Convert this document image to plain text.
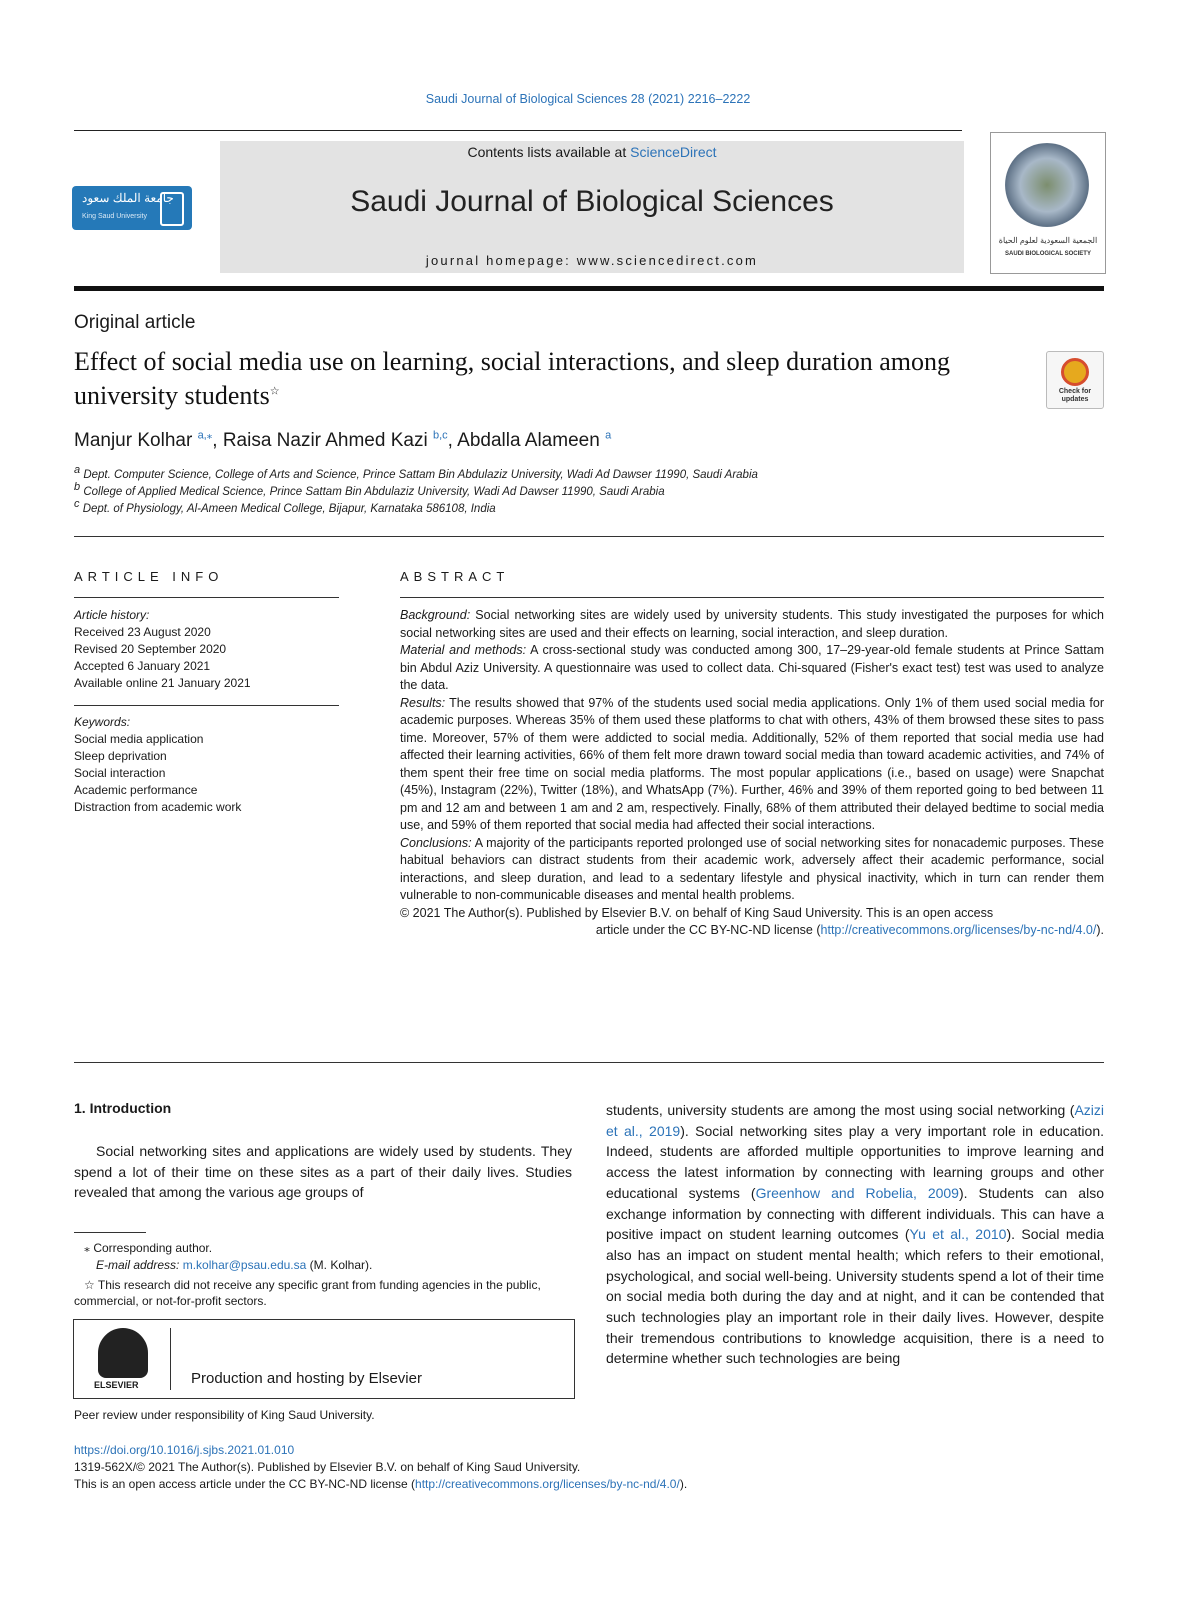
Saudi Journal of Biological Sciences 28 (2021) 2216–2222
جامعة الملك سعود
King Saud University
Contents lists available at ScienceDirect
Saudi Journal of Biological Sciences
journal homepage: www.sciencedirect.com
الجمعية السعودية لعلوم الحياة
SAUDI BIOLOGICAL SOCIETY
Original article
Effect of social media use on learning, social interactions, and sleep duration among university students☆	Check for updates
Manjur Kolhar $^{a,⁎}$, Raisa Nazir Ahmed Kazi $^{b,c}$, Abdalla Alameen $^a$
a Dept. Computer Science, College of Arts and Science, Prince Sattam Bin Abdulaziz University, Wadi Ad Dawser 11990, Saudi Arabia
b College of Applied Medical Science, Prince Sattam Bin Abdulaziz University, Wadi Ad Dawser 11990, Saudi Arabia
c Dept. of Physiology, Al-Ameen Medical College, Bijapur, Karnataka 586108, India
ARTICLE INFO
Article history:
Received 23 August 2020
Revised 20 September 2020
Accepted 6 January 2021
Available online 21 January 2021
Keywords:
Social media application
Sleep deprivation
Social interaction
Academic performance
Distraction from academic work
ABSTRACT

Background: Social networking sites are widely used by university students. This study investigated the purposes for which social networking sites are used and their effects on learning, social interaction, and sleep duration.

Material and methods: A cross-sectional study was conducted among 300, 17–29-year-old female students at Prince Sattam bin Abdul Aziz University. A questionnaire was used to collect data. Chi-squared (Fisher's exact test) test was used to analyze the data.

Results: The results showed that 97% of the students used social media applications. Only 1% of them used social media for academic purposes. Whereas 35% of them used these platforms to chat with others, 43% of them browsed these sites to pass time. Moreover, 57% of them were addicted to social media. Additionally, 52% of them reported that social media use had affected their learning activities, 66% of them felt more drawn toward social media than toward academic activities, and 74% of them spent their free time on social media platforms. The most popular applications (i.e., based on usage) were Snapchat (45%), Instagram (22%), Twitter (18%), and WhatsApp (7%). Further, 46% and 39% of them reported going to bed between 11 pm and 12 am and between 1 am and 2 am, respectively. Finally, 68% of them attributed their delayed bedtime to social media use, and 59% of them reported that social media had affected their social interactions.

Conclusions: A majority of the participants reported prolonged use of social networking sites for nonacademic purposes. These habitual behaviors can distract students from their academic work, adversely affect their academic performance, social interactions, and sleep duration, and lead to a sedentary lifestyle and physical inactivity, which in turn can render them vulnerable to non-communicable diseases and mental health problems.

© 2021 The Author(s). Published by Elsevier B.V. on behalf of King Saud University. This is an open access

article under the CC BY-NC-ND license (http://creativecommons.org/licenses/by-nc-nd/4.0/).

1. Introduction
Social networking sites and applications are widely used by students. They spend a lot of their time on these sites as a part of their daily lives. Studies revealed that among the various age groups of
students, university students are among the most using social networking (Azizi et al., 2019). Social networking sites play a very important role in education. Indeed, students are afforded multiple opportunities to improve learning and access the latest information by connecting with learning groups and other educational systems (Greenhow and Robelia, 2009). Students can also exchange information by connecting with different individuals. This can have a positive impact on student learning outcomes (Yu et al., 2010). Social media also has an impact on student mental health; which refers to their emotional, psychological, and social well-being. University students spend a lot of their time on social media both during the day and at night, and it can be contended that such technologies play an important role in their daily lives. However, despite their tremendous contributions to knowledge acquisition, there is a need to determine whether such technologies are being
⁎ Corresponding author.
E-mail address: m.kolhar@psau.edu.sa (M. Kolhar).
☆ This research did not receive any specific grant from funding agencies in the public, commercial, or not-for-profit sectors.
ELSEVIER	Production and hosting by Elsevier
Peer review under responsibility of King Saud University.
https://doi.org/10.1016/j.sjbs.2021.01.010
1319-562X/© 2021 The Author(s). Published by Elsevier B.V. on behalf of King Saud University.
This is an open access article under the CC BY-NC-ND license (http://creativecommons.org/licenses/by-nc-nd/4.0/).
